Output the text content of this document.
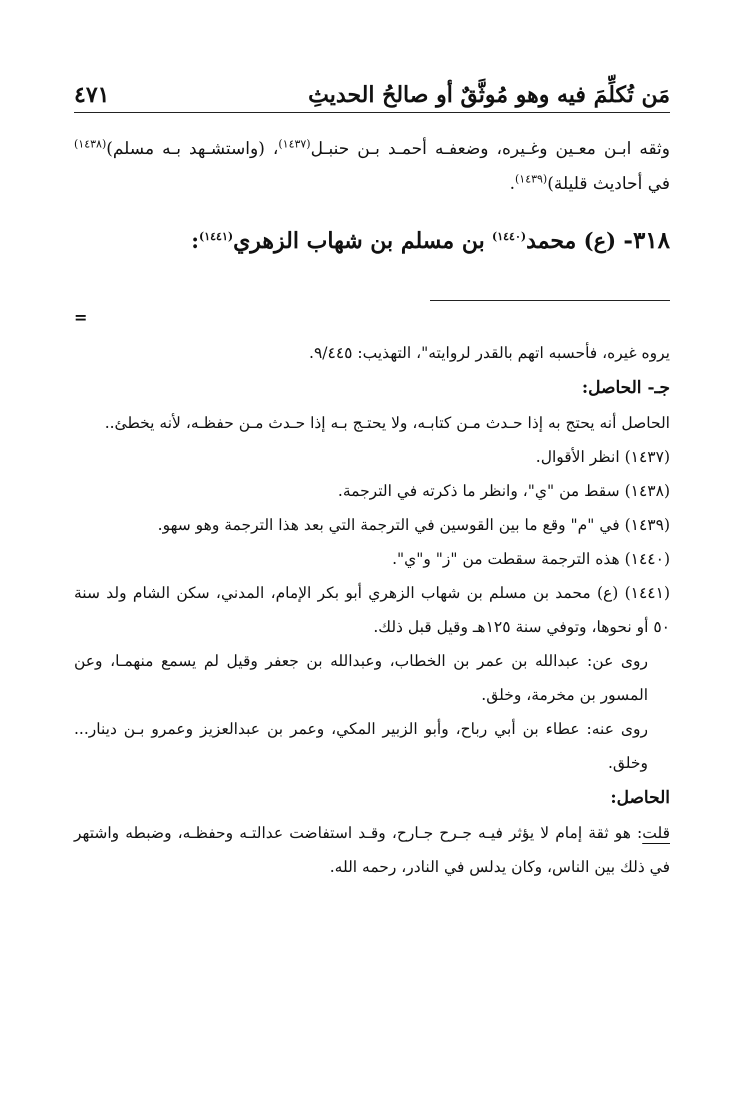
مَن تُكلِّمَ فيه وهو مُوثَّقٌ أو صالحُ الحديثِ
٤٧١

وثقه ابـن معـين وغـيره، وضعفـه أحمـد بـن حنبـل$^{(١٤٣٧)}$، (واستشـهد بـه مسلم)$^{(١٤٣٨)}$ في أحاديث قليلة)$^{(١٤٣٩)}$.

٣١٨- (ع) محمد$^{(١٤٤٠)}$ بن مسلم بن شهاب الزهري$^{(١٤٤١)}$:
=

يروه غيره، فأحسبه اتهم بالقدر لروايته"، التهذيب: ٩/٤٤٥.

جـ- الحاصل:

الحاصل أنه يحتج به إذا حـدث مـن كتابـه، ولا يحتـج بـه إذا حـدث مـن حفظـه، لأنه يخطئ..

(١٤٣٧) انظر الأقوال.

(١٤٣٨) سقط من "ي"، وانظر ما ذكرته في الترجمة.

(١٤٣٩) في "م" وقع ما بين القوسين في الترجمة التي بعد هذا الترجمة وهو سهو.

(١٤٤٠) هذه الترجمة سقطت من "ز" و"ي".

(١٤٤١) (ع) محمد بن مسلم بن شهاب الزهري أبو بكر الإمام، المدني، سكن الشام ولد سنة ٥٠ أو نحوها، وتوفي سنة ١٢٥هـ وقيل قبل ذلك.

روى عن: عبدالله بن عمر بن الخطاب، وعبدالله بن جعفر وقيل لم يسمع منهمـا، وعن المسور بن مخرمة، وخلق.

روى عنه: عطاء بن أبي رباح، وأبو الزبير المكي، وعمر بن عبدالعزيز وعمرو بـن دينار... وخلق.

الحاصل:

قلت: هو ثقة إمام لا يؤثر فيـه جـرح جـارح، وقـد استفاضت عدالتـه وحفظـه، وضبطه واشتهر في ذلك بين الناس، وكان يدلس في النادر، رحمه الله.
